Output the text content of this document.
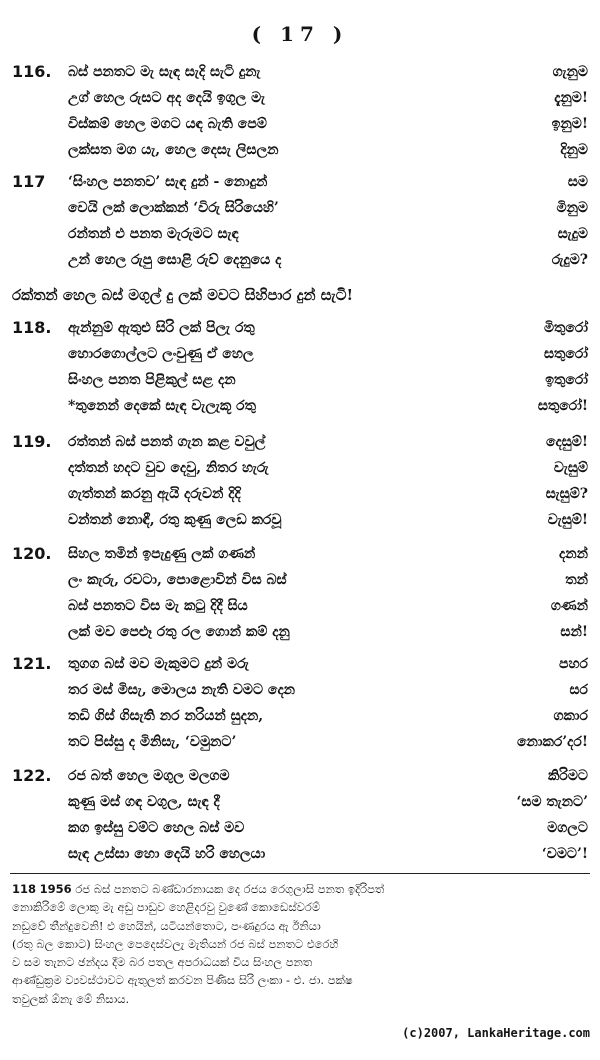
( 17 )
116. බස් පනතට මැ සැඳ සැදි සැටි දුනැ	ගැනුම
උග් හෙල රුසට අද දෙයි ඉගුල මැ	දැනුම!
විස්කම් හෙල මගට යඳ බැති පෙම්	ඉනුම!
ලක්සත මග යැ, හෙල දෙසැ ලිසලන	දිනුම
117 ‘සිංහල පනතව’ සැඳ දුන් - නොදුන්	සම
වෙයි ලක් ලොක්කන් ‘විරු සිරියෙහි’	මිනුම
රන්තන් එ පනත මැරුමට සැඳ	සැදුම
උන් හෙල රුපු සොළි රුව් දෙනුයෙ ද	රුදුම?
118. ඇන්නුම් ඇතුළු සිරි ලක් පිලැ රතු	මිතුරෝ
හොරගොල්ලට ලංවුණු ඒ හෙල	සතුරෝ
සිංහල පනත පිළිකුල් සළ දන	ඉතුරෝ
*තුනෙන් දෙකේ සැඳ වැලැකූ රතු	සතුරෝ!
119. රත්තන් බස් පනත් ගැන කළ වවුල්	දෙසුම්!
දත්තන් හදට වුව දෙවු, නිතර හැරු	වැසුම්
ගැත්තන් කරනු ඇයි දරුවන් දිදි	සැසුම්?
වන්තන් නොඳී, රතු කුණු ලෙඩ කරවූ	වැසුම්!
120. සිහල තමින් ඉපැදුණු ලක් ගණන්	දනන්
ලං කැරු, රවටා, පොළොවින් විස බස්	තන්
බස් පනතට විස මැ කටු දිදී සිය	ගණන්
ලක් මව පෙළූ රතු රල ගොන් කම් දනු	සන්!
121. තුගග බස් මව මැකුමට දුන් මරු	පහර
තර මස් මිසැ, මොලය නැති වමට දෙන	සර
තඩි ගිස් ගිසැති නර නරියන් සුදන,	ගකාර
තට පිස්සු ද මිනිසැ, ‘වමුනට’	නොකර’දර!
122. රජ බත් හෙල මගුල මලගම	කිරිමට
කුණු මස් ගඳ වගුල, සැඳ දී	‘සම තැනට’
කග ඉස්සු වම්ට හෙල බස් මව	මගලට
සැඳ උස්සා හො දෙයි හරි හෙලයා	‘වමට’!
රක්තන් හෙල බස් මගුල් දු ලක් මවට සිහිපාර දුන් සැටි!
118 1956 රජ බස් පනතට බණ්ඩාරනායක දෙ රජය රෙගුලාසි පනත ඉදිරිපත්
නොකිරිමේ ලොකු මැ අඩු පාඩුව හෙළිදරවු වුණේ කොඩෙස්වරම්
නඩුවේ තීන්දුවෙනි! එ හෙයින්, යටියන්තොට, පංණදුරය ඇ ඊනියා
(රතු බල කොට) සිංහල පෙදෙස්වලැ මැතියන් රජ බස් පනතට එරෙහි
ව සම තැනට ඡන්දය දීම බර පතල අපරාධයක් විය සිංහල පනත
ආණ්ඩුක්‍රම ව්‍යවස්ථාවට ඇතුලත් කරවන පිණිස සිරි ලංකා - එ. ජා. පක්ෂ
තවුලක් ඕනැ මේ නිසාය.
(c)2007, LankaHeritage.com
